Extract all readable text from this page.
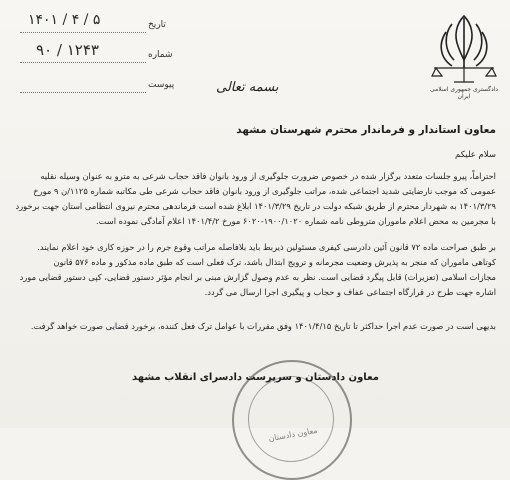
دادگستری جمهوری اسلامی ایران
تاریخ
۱۴۰۱ / ۴ / ۵
شماره
۹۰ / ۱۲۴۳
پیوست	بسمه تعالی
معاون استاندار و فرماندار محترم شهرستان مشهد
سلام علیکم
احتراماً، پیرو جلسات متعدد برگزار شده در خصوص ضرورت جلوگیری از ورود بانوان فاقد حجاب شرعی به مترو به عنوان وسیله نقلیه
عمومی که موجب نارضایتی شدید اجتماعی شده، مراتب جلوگیری از ورود بانوان فاقد حجاب شرعی طی مکاتبه شماره ۱۱۲۵/ن ۹ مورخ
۱۴۰۱/۳/۲۹ به شهردار محترم از طریق شبکه دولت در تاریخ ۱۴۰۱/۳/۲۹ ابلاغ شده است فرماندهی محترم نیروی انتظامی استان جهت برخورد
با مجرمین به محض اعلام ماموران متروطی نامه شماره ۱۹۰۰/۱۰۲۰-۶۰۲۰ مورخ ۱۴۰۱/۴/۲ اعلام آمادگی نموده است.
بر طبق صراحت ماده ۷۲ قانون آئین دادرسی کیفری مسئولین ذیربط باید بلافاصله مراتب وقوع جرم را در حوزه کاری خود اعلام نمایند.
کوتاهی ماموران که منجر به پذیرش وضعیت مجرمانه و ترویج ابتذال باشد، ترک فعلی است که طبق ماده مذکور و ماده ۵۷۶ قانون
مجازات اسلامی (تعزیرات) قابل پیگرد قضایی است. نظر به عدم وصول گزارش مبنی بر انجام مؤثر دستور قضایی، کپی دستور قضایی مورد
اشاره جهت طرح در قرارگاه اجتماعی عفاف و حجاب و پیگیری اجرا ارسال می گردد.
بدیهی است در صورت عدم اجرا حداکثر تا تاریخ ۱۴۰۱/۴/۱۵ وفق مقررات با عوامل ترک فعل کننده، برخورد قضایی صورت خواهد گرفت.
معاون دادستان
معاون دادستان و سرپرست دادسرای انقلاب مشهد
